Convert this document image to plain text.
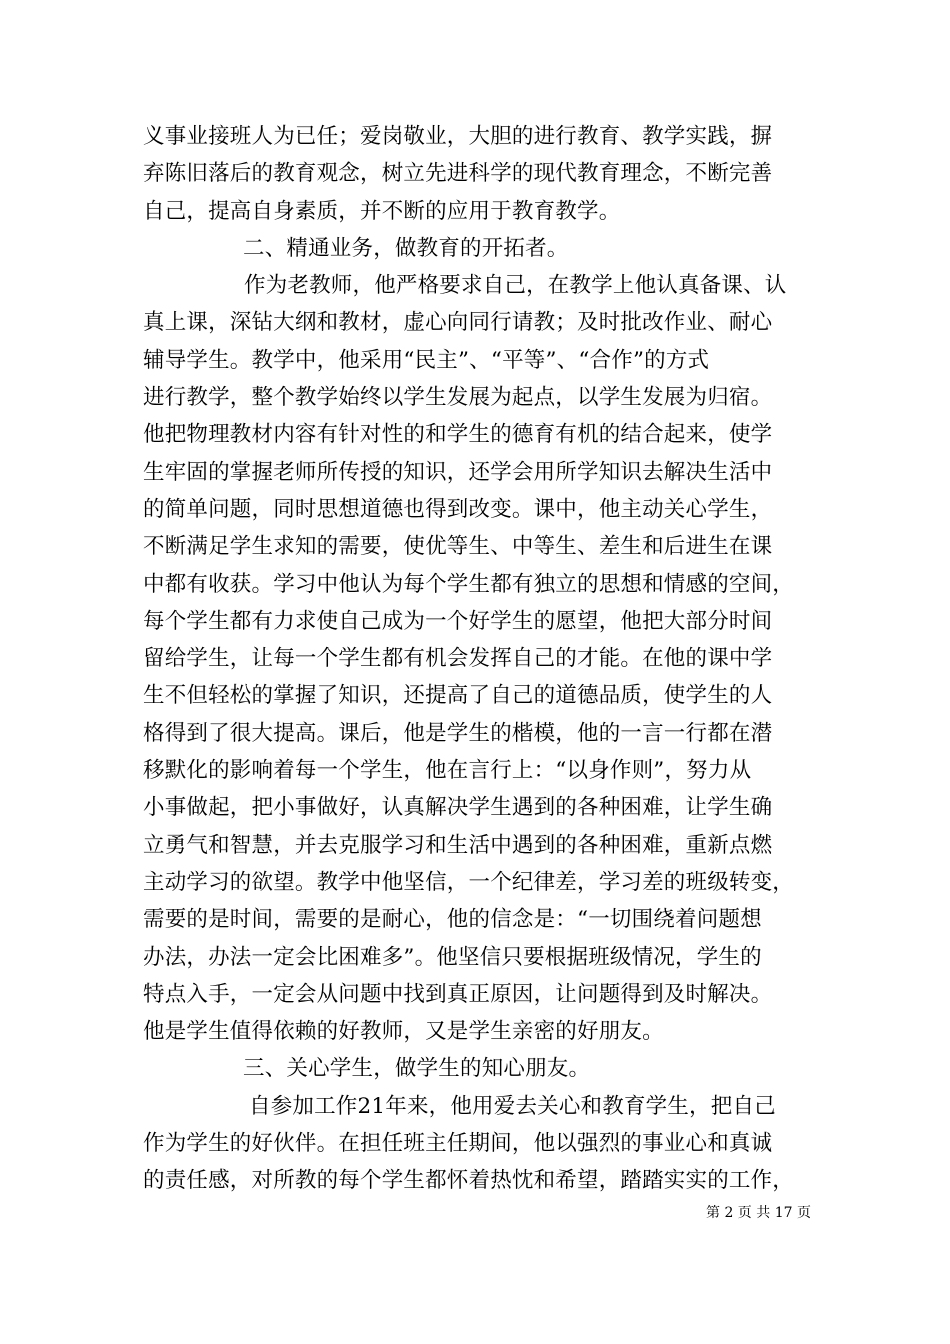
义事业接班人为已任；爱岗敬业，大胆的进行教育、教学实践，摒
弃陈旧落后的教育观念，树立先进科学的现代教育理念，不断完善
自己，提高自身素质，并不断的应用于教育教学。
二、精通业务，做教育的开拓者。
作为老教师，他严格要求自己，在教学上他认真备课、认
真上课，深钻大纲和教材，虚心向同行请教；及时批改作业、耐心
辅导学生。教学中，他采用“民主”、“平等”、“合作”的方式
进行教学，整个教学始终以学生发展为起点，以学生发展为归宿。
他把物理教材内容有针对性的和学生的德育有机的结合起来，使学
生牢固的掌握老师所传授的知识，还学会用所学知识去解决生活中
的简单问题，同时思想道德也得到改变。课中，他主动关心学生，
不断满足学生求知的需要，使优等生、中等生、差生和后进生在课
中都有收获。学习中他认为每个学生都有独立的思想和情感的空间，
每个学生都有力求使自己成为一个好学生的愿望，他把大部分时间
留给学生，让每一个学生都有机会发挥自己的才能。在他的课中学
生不但轻松的掌握了知识，还提高了自己的道德品质，使学生的人
格得到了很大提高。课后，他是学生的楷模，他的一言一行都在潜
移默化的影响着每一个学生，他在言行上：“以身作则”，努力从
小事做起，把小事做好，认真解决学生遇到的各种困难，让学生确
立勇气和智慧，并去克服学习和生活中遇到的各种困难，重新点燃
主动学习的欲望。教学中他坚信，一个纪律差，学习差的班级转变，
需要的是时间，需要的是耐心，他的信念是：“一切围绕着问题想
办法，办法一定会比困难多”。他坚信只要根据班级情况，学生的
特点入手，一定会从问题中找到真正原因，让问题得到及时解决。
他是学生值得依赖的好教师，又是学生亲密的好朋友。
三、关心学生，做学生的知心朋友。
自参加工作21年来，他用爱去关心和教育学生，把自己
作为学生的好伙伴。在担任班主任期间，他以强烈的事业心和真诚
的责任感，对所教的每个学生都怀着热忱和希望，踏踏实实的工作，
第 2 页 共 17 页
